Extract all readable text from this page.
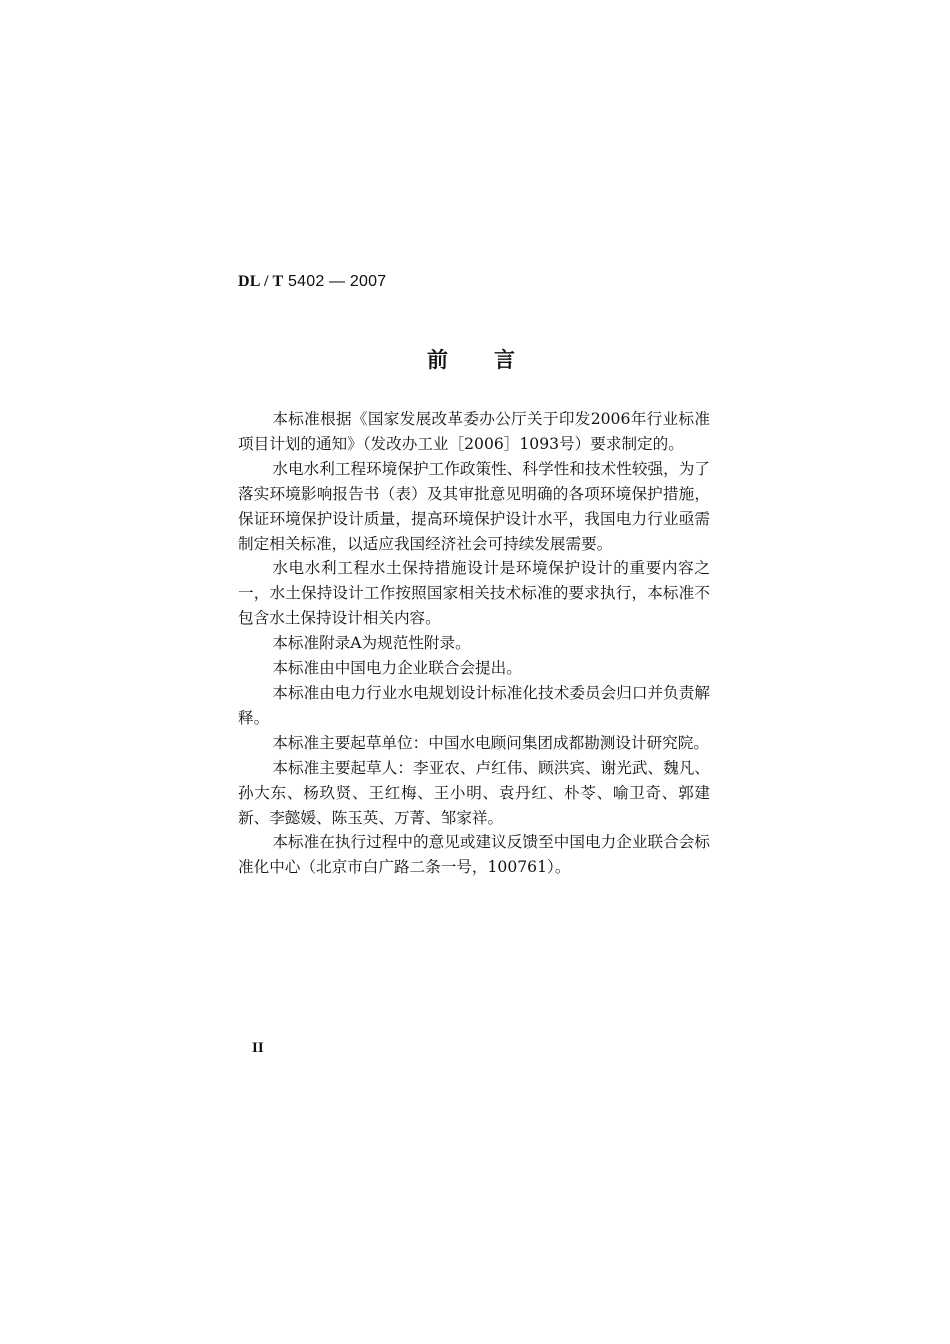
DL / T 5402 — 2007
前言

本标准根据《国家发展改革委办公厅关于印发2006年行业标准项目计划的通知》（发改办工业［2006］1093号）要求制定的。

水电水利工程环境保护工作政策性、科学性和技术性较强，为了落实环境影响报告书（表）及其审批意见明确的各项环境保护措施，保证环境保护设计质量，提高环境保护设计水平，我国电力行业亟需制定相关标准，以适应我国经济社会可持续发展需要。

水电水利工程水土保持措施设计是环境保护设计的重要内容之一，水土保持设计工作按照国家相关技术标准的要求执行，本标准不包含水土保持设计相关内容。

本标准附录A为规范性附录。

本标准由中国电力企业联合会提出。

本标准由电力行业水电规划设计标准化技术委员会归口并负责解释。

本标准主要起草单位：中国水电顾问集团成都勘测设计研究院。

本标准主要起草人：李亚农、卢红伟、顾洪宾、谢光武、魏凡、孙大东、杨玖贤、王红梅、王小明、袁丹红、朴苓、喻卫奇、郭建新、李懿媛、陈玉英、万菁、邹家祥。

本标准在执行过程中的意见或建议反馈至中国电力企业联合会标准化中心（北京市白广路二条一号，100761）。

II
